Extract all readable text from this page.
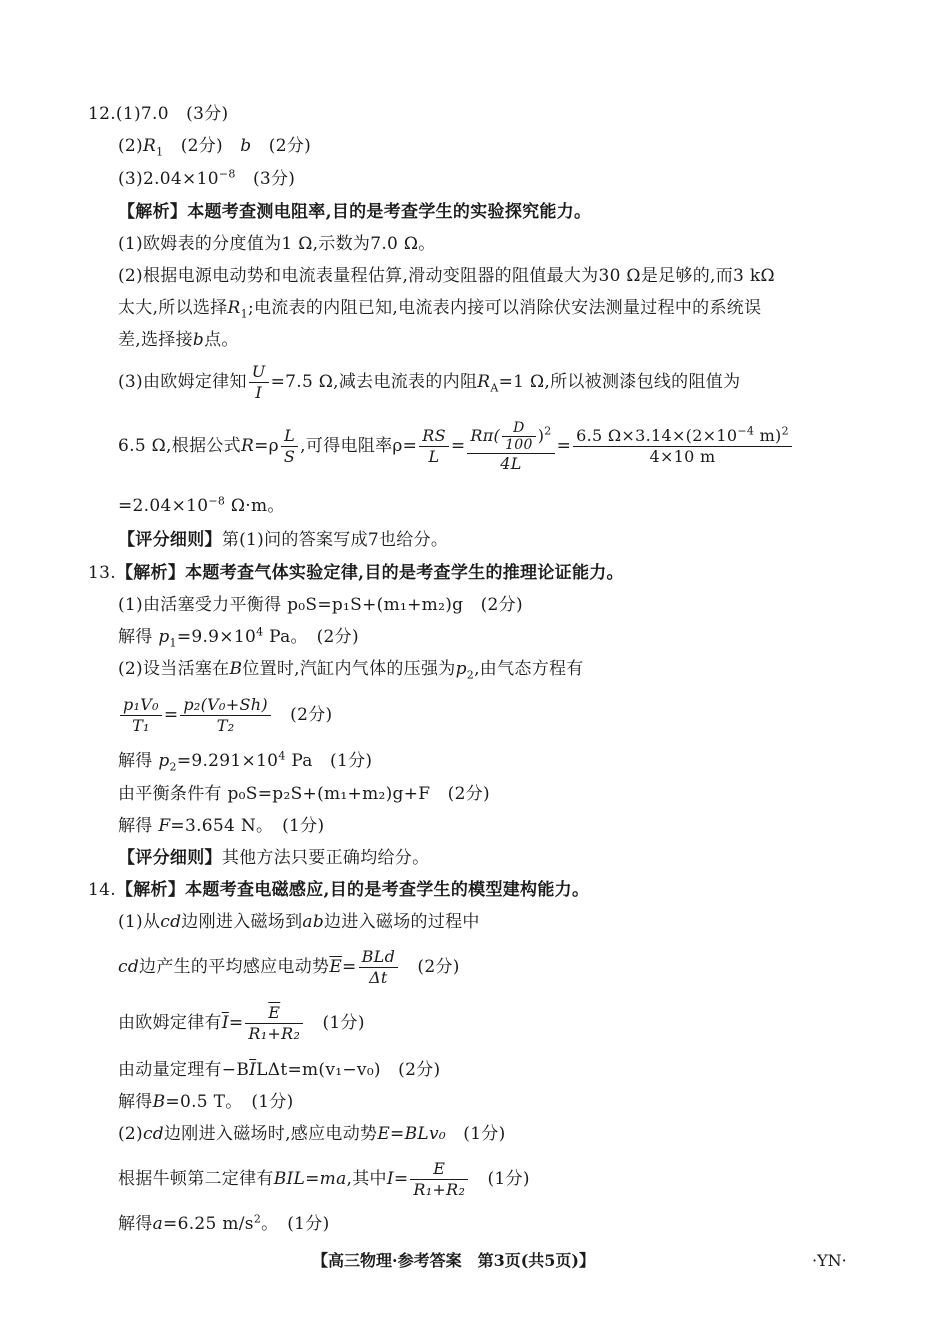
12.(1)7.0　(3分)
$(2)R_1$　(2分)　b　(2分)
$(3)2.04\times 10^{-8}$　(3分)
【解析】本题考查测电阻率,目的是考查学生的实验探究能力。
(1)欧姆表的分度值为1 Ω,示数为7.0 Ω。
(2)根据电源电动势和电流表量程估算,滑动变阻器的阻值最大为30 Ω是足够的,而3 kΩ
太大,所以选择$R_1$;电流表的内阻已知,电流表内接可以消除伏安法测量过程中的系统误
差,选择接b点。
(3)由欧姆定律知 $\frac{U}{I} =7.5$ Ω,减去电流表的内阻$R_A=1$ Ω,所以被测漆包线的阻值为
6.5 Ω,根据公式$R=\rho \frac{L}{S}$ ,可得电阻率$\rho= \frac{RS}{L} = \frac{R\pi( \frac{D}{100} )^2}{4L} = \frac{6.5 \Omega\times 3.14\times(2\times 10^{-4} m)^2}{4\times 10 m}$
$=2.04\times 10^{-8}$ Ω·m。
【评分细则】第(1)问的答案写成7也给分。
13.【解析】本题考查气体实验定律,目的是考查学生的推理论证能力。
(1)由活塞受力平衡得 p₀S=p₁S+(m₁+m₂)g　(2分)
解得 $p_1=9.9\times 10^4$ Pa。　(2分)
(2)设当活塞在B位置时,汽缸内气体的压强为$p_2$,由气态方程有
$\frac{\text{p₁V₀}}{\text{T₁}} = \frac{\text{p₂(V₀+Sh)}}{\text{T₂}}$ 　(2分)
解得 $p_2=9.291\times 10^4$ Pa　(1分)
由平衡条件有 p₀S=p₂S+(m₁+m₂)g+F　(2分)
解得 F=3.654 N。　(1分)
【评分细则】其他方法只要正确均给分。
14.【解析】本题考查电磁感应,目的是考查学生的模型建构能力。
(1)从cd边刚进入磁场到ab边进入磁场的过程中
cd边产生的平均感应电动势$\overline{E}= \frac{\text{BLd}}{\Delta t}$ 　(2分)
由欧姆定律有$\overline{I}= \frac{\overline{E}}{\text{R₁+R₂}}$ 　(1分)
由动量定理有$-B\overline{I}L\Delta t=m(v_1-v_0)$　(2分)
解得B=0.5 T。　(1分)
(2)cd边刚进入磁场时,感应电动势E=BLv₀　(1分)
根据牛顿第二定律有BIL=ma,其中$I= \frac{E}{\text{R₁+R₂}}$ 　(1分)
解得a=6.25 $m/s^2$。　(1分)
【高三物理·参考答案　第3页(共5页)】	·YN·
